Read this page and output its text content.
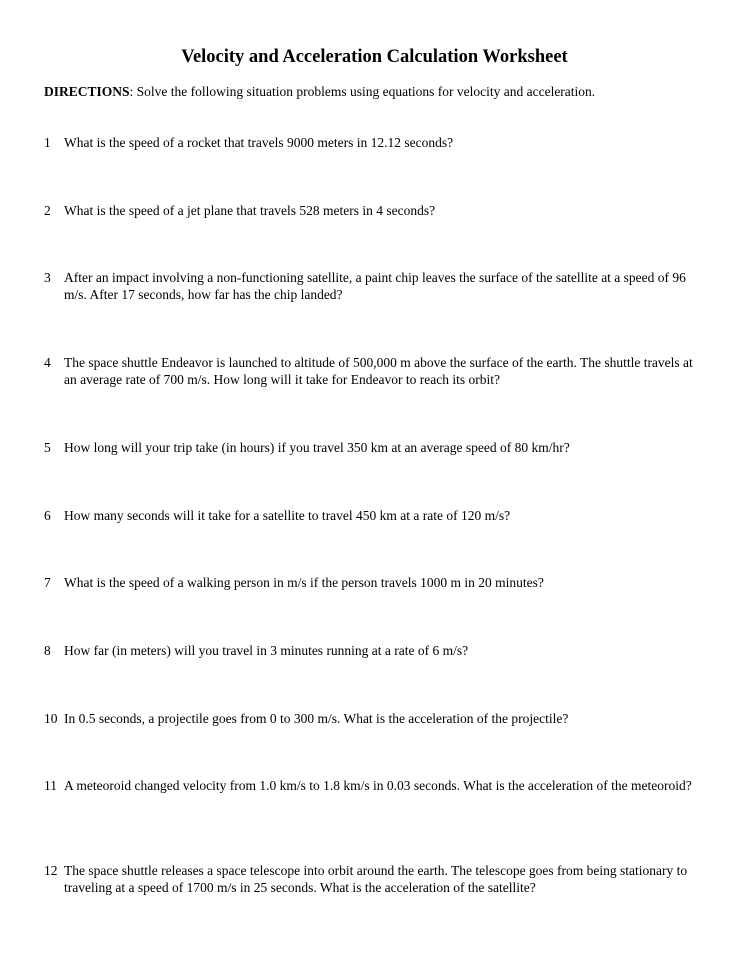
Velocity and Acceleration Calculation Worksheet

DIRECTIONS: Solve the following situation problems using equations for velocity and acceleration.

1 What is the speed of a rocket that travels 9000 meters in 12.12 seconds?
2 What is the speed of a jet plane that travels 528 meters in 4 seconds?
3 After an impact involving a non-functioning satellite, a paint chip leaves the surface of the satellite at a speed of 96 m/s. After 17 seconds, how far has the chip landed?
4 The space shuttle Endeavor is launched to altitude of 500,000 m above the surface of the earth. The shuttle travels at an average rate of 700 m/s. How long will it take for Endeavor to reach its orbit?
5 How long will your trip take (in hours) if you travel 350 km at an average speed of 80 km/hr?
6 How many seconds will it take for a satellite to travel 450 km at a rate of 120 m/s?
7 What is the speed of a walking person in m/s if the person travels 1000 m in 20 minutes?
8 How far (in meters) will you travel in 3 minutes running at a rate of 6 m/s?
10 In 0.5 seconds, a projectile goes from 0 to 300 m/s. What is the acceleration of the projectile?
11 A meteoroid changed velocity from 1.0 km/s to 1.8 km/s in 0.03 seconds. What is the acceleration of the meteoroid?
12 The space shuttle releases a space telescope into orbit around the earth. The telescope goes from being stationary to traveling at a speed of 1700 m/s in 25 seconds. What is the acceleration of the satellite?
